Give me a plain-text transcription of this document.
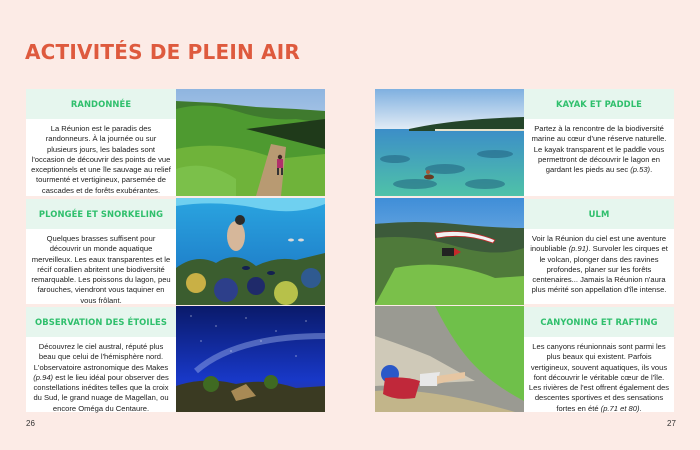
ACTIVITÉS DE PLEIN AIR
RANDONNÉE
La Réunion est le paradis des randonneurs. À la journée ou sur plusieurs jours, les balades sont l'occasion de découvrir des points de vue exceptionnels et une île sauvage au relief tourmenté et vertigineux, parsemée de cascades et de forêts exubérantes.
PLONGÉE ET SNORKELING
Quelques brasses suffisent pour découvrir un monde aquatique merveilleux. Les eaux transparentes et le récif corallien abritent une biodiversité remarquable. Les poissons du lagon, peu farouches, viendront vous taquiner en vous frôlant.
OBSERVATION DES ÉTOILES
Découvrez le ciel austral, réputé plus beau que celui de l'hémisphère nord. L'observatoire astronomique des Makes (p.94) est le lieu idéal pour observer des constellations inédites telles que la croix du Sud, le grand nuage de Magellan, ou encore Oméga du Centaure.
26
KAYAK ET PADDLE
Partez à la rencontre de la biodiversité marine au cœur d'une réserve naturelle. Le kayak transparent et le paddle vous permettront de découvrir le lagon en gardant les pieds au sec (p.53).
ULM
Voir la Réunion du ciel est une aventure inoubliable (p.91). Survoler les cirques et le volcan, plonger dans des ravines profondes, planer sur les forêts centenaires... Jamais la Réunion n'aura plus mérité son appellation d'île intense.
CANYONING ET RAFTING
Les canyons réunionnais sont parmi les plus beaux qui existent. Parfois vertigineux, souvent aquatiques, ils vous font découvrir le véritable cœur de l'île. Les rivières de l'est offrent également des descentes sportives et des sensations fortes en été (p.71 et 80).
27
